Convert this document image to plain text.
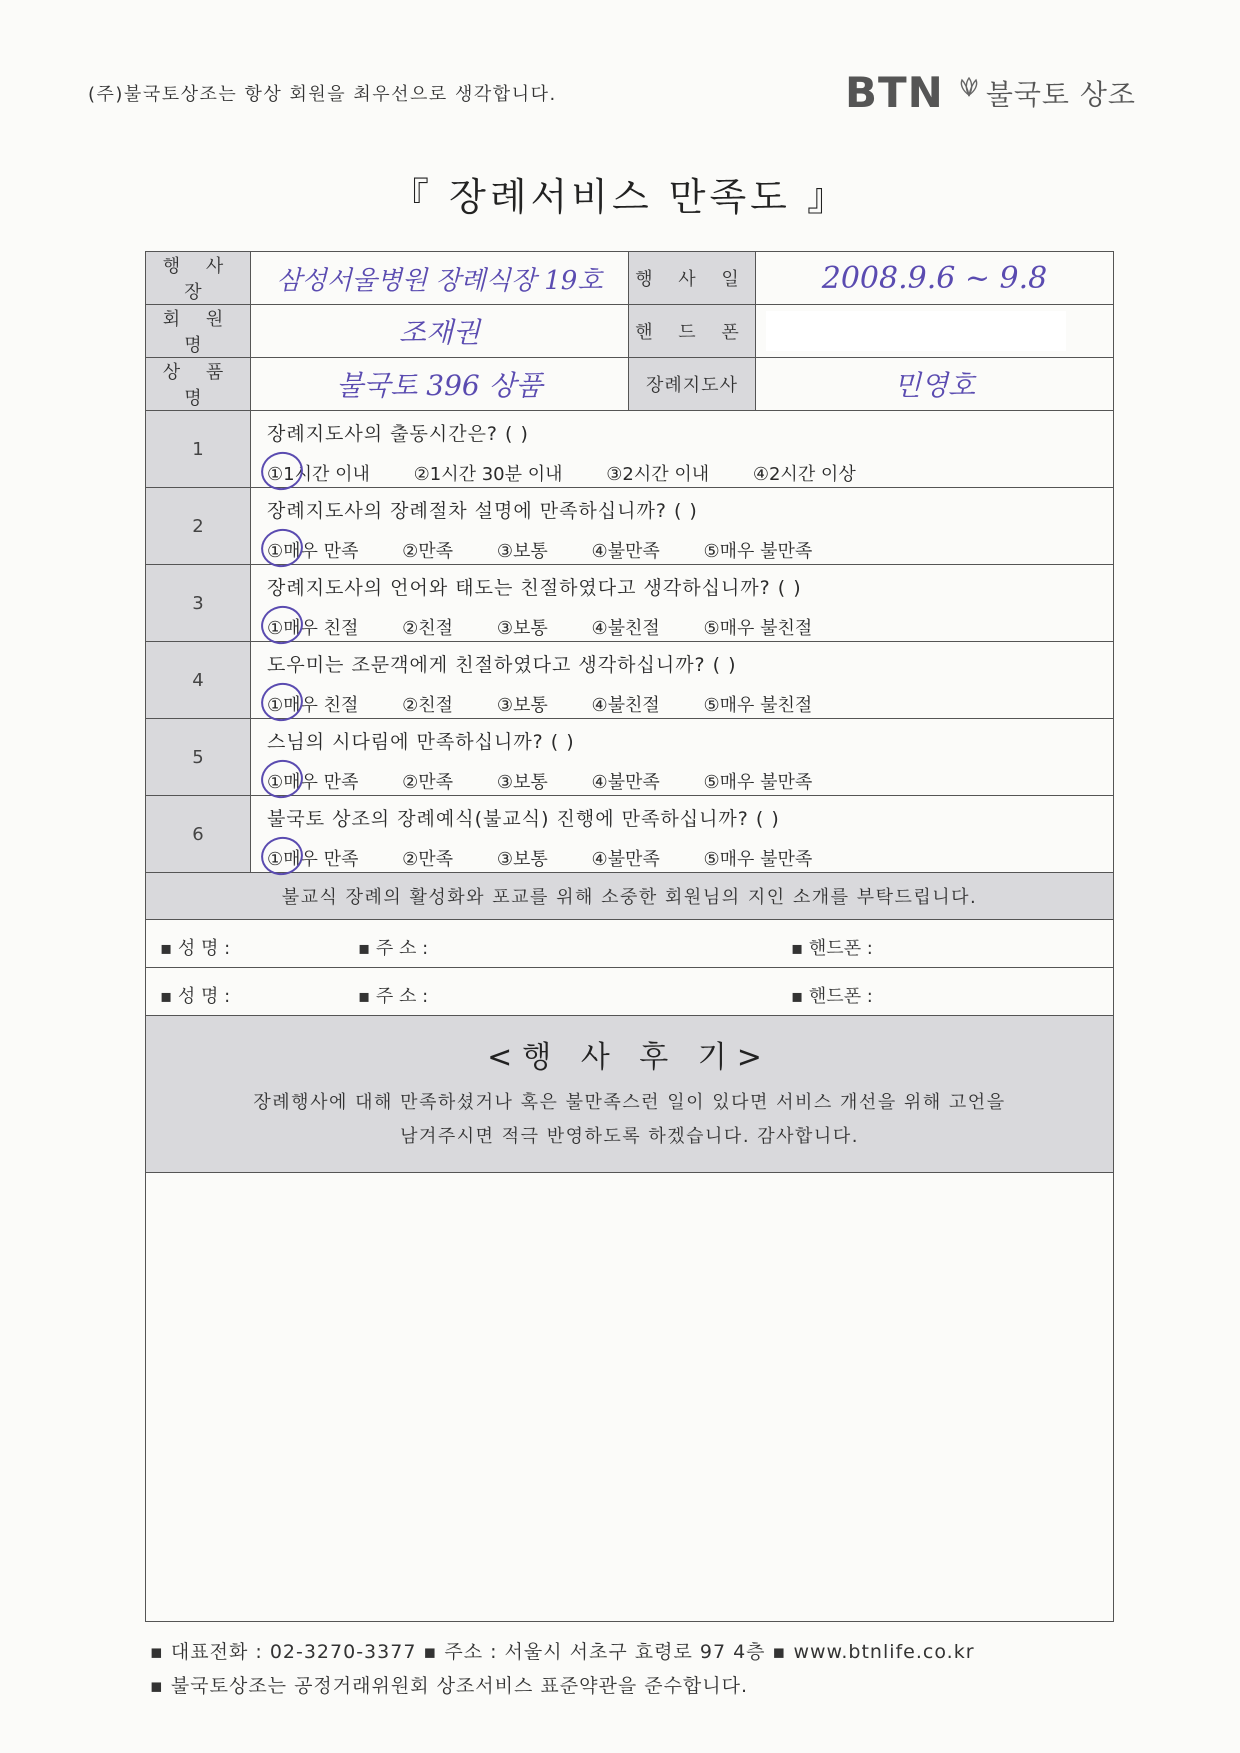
(주)불국토상조는 항상 회원을 최우선으로 생각합니다.	BTN 불국토 상조
『 장례서비스 만족도 』
행 사 장	삼성서울병원 장례식장 19호	행 사 일	2008.9.6 ~ 9.8
회 원 명	조재권	핸 드 폰	

상 품 명	불국토 396 상품	장례지도사	민영호
1	장례지도사의 출동시간은? ( )
①1시간 이내 ②1시간 30분 이내 ③2시간 이내 ④2시간 이상		

2	장례지도사의 장례절차 설명에 만족하십니까? ( )
①매우 만족 ②만족 ③보통 ④불만족 ⑤매우 불만족		

3	장례지도사의 언어와 태도는 친절하였다고 생각하십니까? ( )
①매우 친절 ②친절 ③보통 ④불친절 ⑤매우 불친절		

4	도우미는 조문객에게 친절하였다고 생각하십니까? ( )
①매우 친절 ②친절 ③보통 ④불친절 ⑤매우 불친절		

5	스님의 시다림에 만족하십니까? ( )
①매우 만족 ②만족 ③보통 ④불만족 ⑤매우 불만족		

6	불국토 상조의 장례예식(불교식) 진행에 만족하십니까? ( )
①매우 만족 ②만족 ③보통 ④불만족 ⑤매우 불만족		

불교식 장례의 활성화와 포교를 위해 소중한 회원님의 지인 소개를 부탁드립니다.			

▪ 성 명 : ▪ 주 소 : ▪ 핸드폰 :			

▪ 성 명 : ▪ 주 소 : ▪ 핸드폰 :			

<행 사 후 기>
장례행사에 대해 만족하셨거나 혹은 불만족스런 일이 있다면 서비스 개선을 위해 고언을
남겨주시면 적극 반영하도록 하겠습니다. 감사합니다.			

▪ 대표전화 : 02-3270-3377 ▪ 주소 : 서울시 서초구 효령로 97 4층 ▪ www.btnlife.co.kr
▪ 불국토상조는 공정거래위원회 상조서비스 표준약관을 준수합니다.
